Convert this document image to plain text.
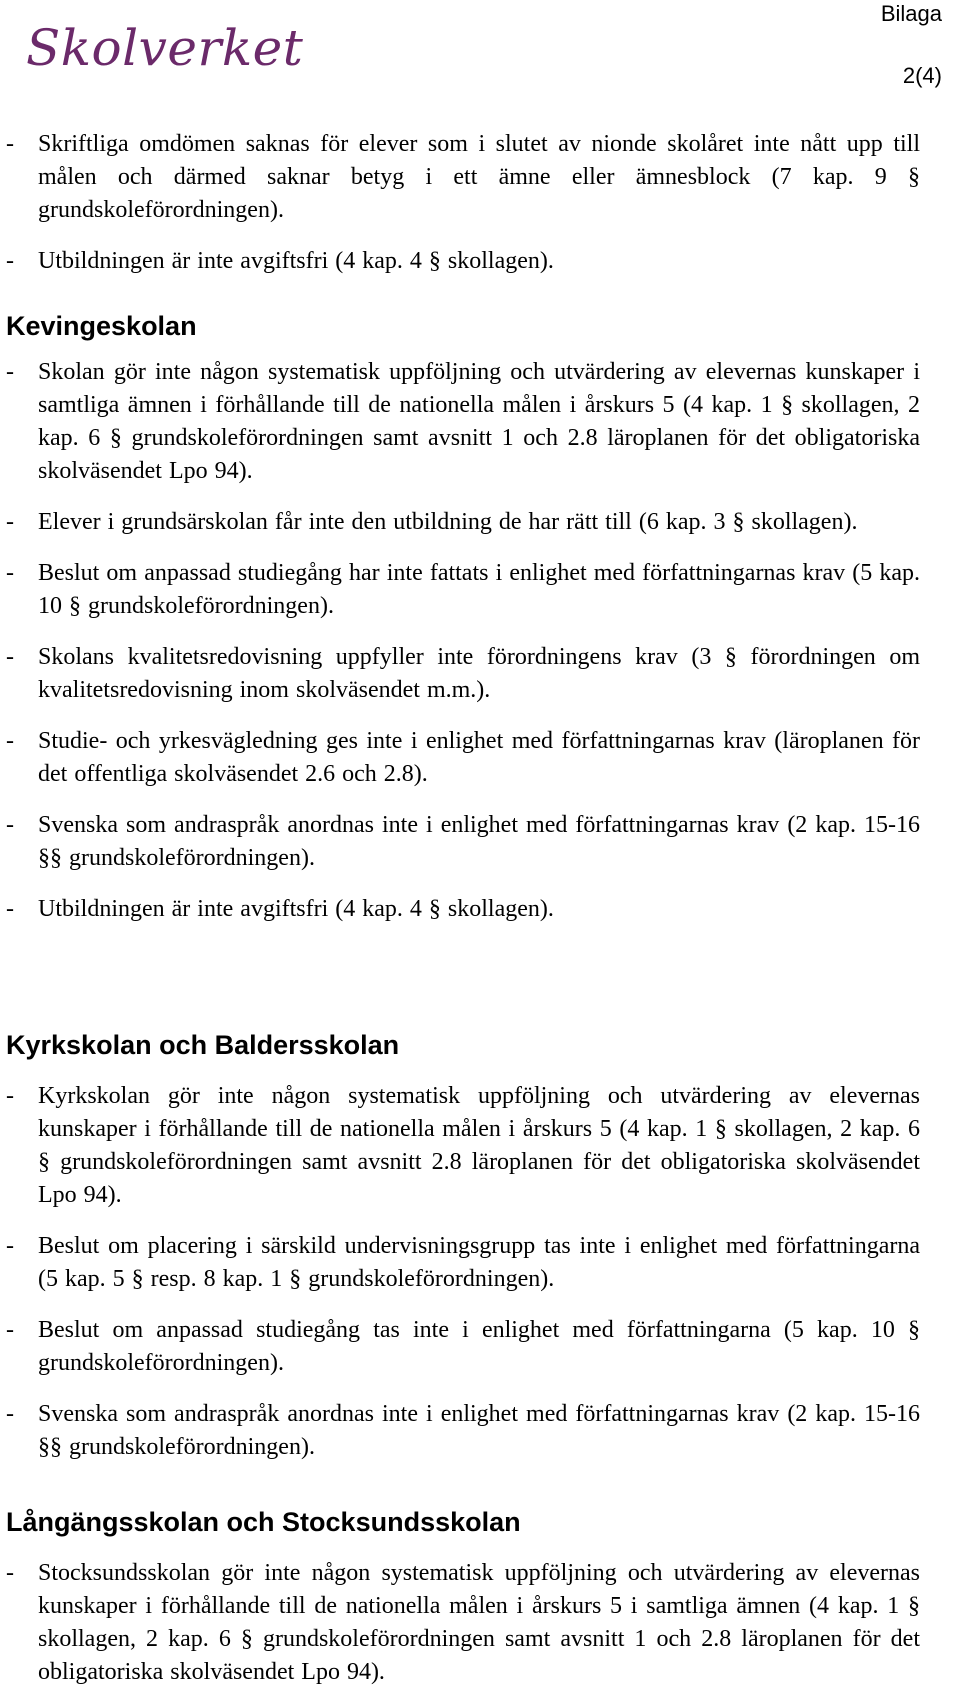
Skolverket
Bilaga
2(4)
- Skriftliga omdömen saknas för elever som i slutet av nionde skolåret inte nått upp till målen och därmed saknar betyg i ett ämne eller ämnesblock (7 kap. 9 § grundskoleförordningen).
- Utbildningen är inte avgiftsfri (4 kap. 4 § skollagen).
Kevingeskolan
- Skolan gör inte någon systematisk uppföljning och utvärdering av elevernas kunskaper i samtliga ämnen i förhållande till de nationella målen i årskurs 5 (4 kap. 1 § skollagen, 2 kap. 6 § grundskoleförordningen samt avsnitt 1 och 2.8 läroplanen för det obligatoriska skolväsendet Lpo 94).
- Elever i grundsärskolan får inte den utbildning de har rätt till (6 kap. 3 § skollagen).
- Beslut om anpassad studiegång har inte fattats i enlighet med författningarnas krav (5 kap. 10 § grundskoleförordningen).
- Skolans kvalitetsredovisning uppfyller inte förordningens krav (3 § förordningen om kvalitetsredovisning inom skolväsendet m.m.).
- Studie- och yrkesvägledning ges inte i enlighet med författningarnas krav (läroplanen för det offentliga skolväsendet 2.6 och 2.8).
- Svenska som andraspråk anordnas inte i enlighet med författningarnas krav (2 kap. 15-16 §§ grundskoleförordningen).
- Utbildningen är inte avgiftsfri (4 kap. 4 § skollagen).
Kyrkskolan och Baldersskolan
- Kyrkskolan gör inte någon systematisk uppföljning och utvärdering av elevernas kunskaper i förhållande till de nationella målen i årskurs 5 (4 kap. 1 § skollagen, 2 kap. 6 § grundskoleförordningen samt avsnitt 2.8 läroplanen för det obligatoriska skolväsendet Lpo 94).
- Beslut om placering i särskild undervisningsgrupp tas inte i enlighet med författningarna (5 kap. 5 § resp. 8 kap. 1 § grundskoleförordningen).
- Beslut om anpassad studiegång tas inte i enlighet med författningarna (5 kap. 10 § grundskoleförordningen).
- Svenska som andraspråk anordnas inte i enlighet med författningarnas krav (2 kap. 15-16 §§ grundskoleförordningen).
Långängsskolan och Stocksundsskolan
- Stocksundsskolan gör inte någon systematisk uppföljning och utvärdering av elevernas kunskaper i förhållande till de nationella målen i årskurs 5 i samtliga ämnen (4 kap. 1 § skollagen, 2 kap. 6 § grundskoleförordningen samt avsnitt 1 och 2.8 läroplanen för det obligatoriska skolväsendet Lpo 94).
